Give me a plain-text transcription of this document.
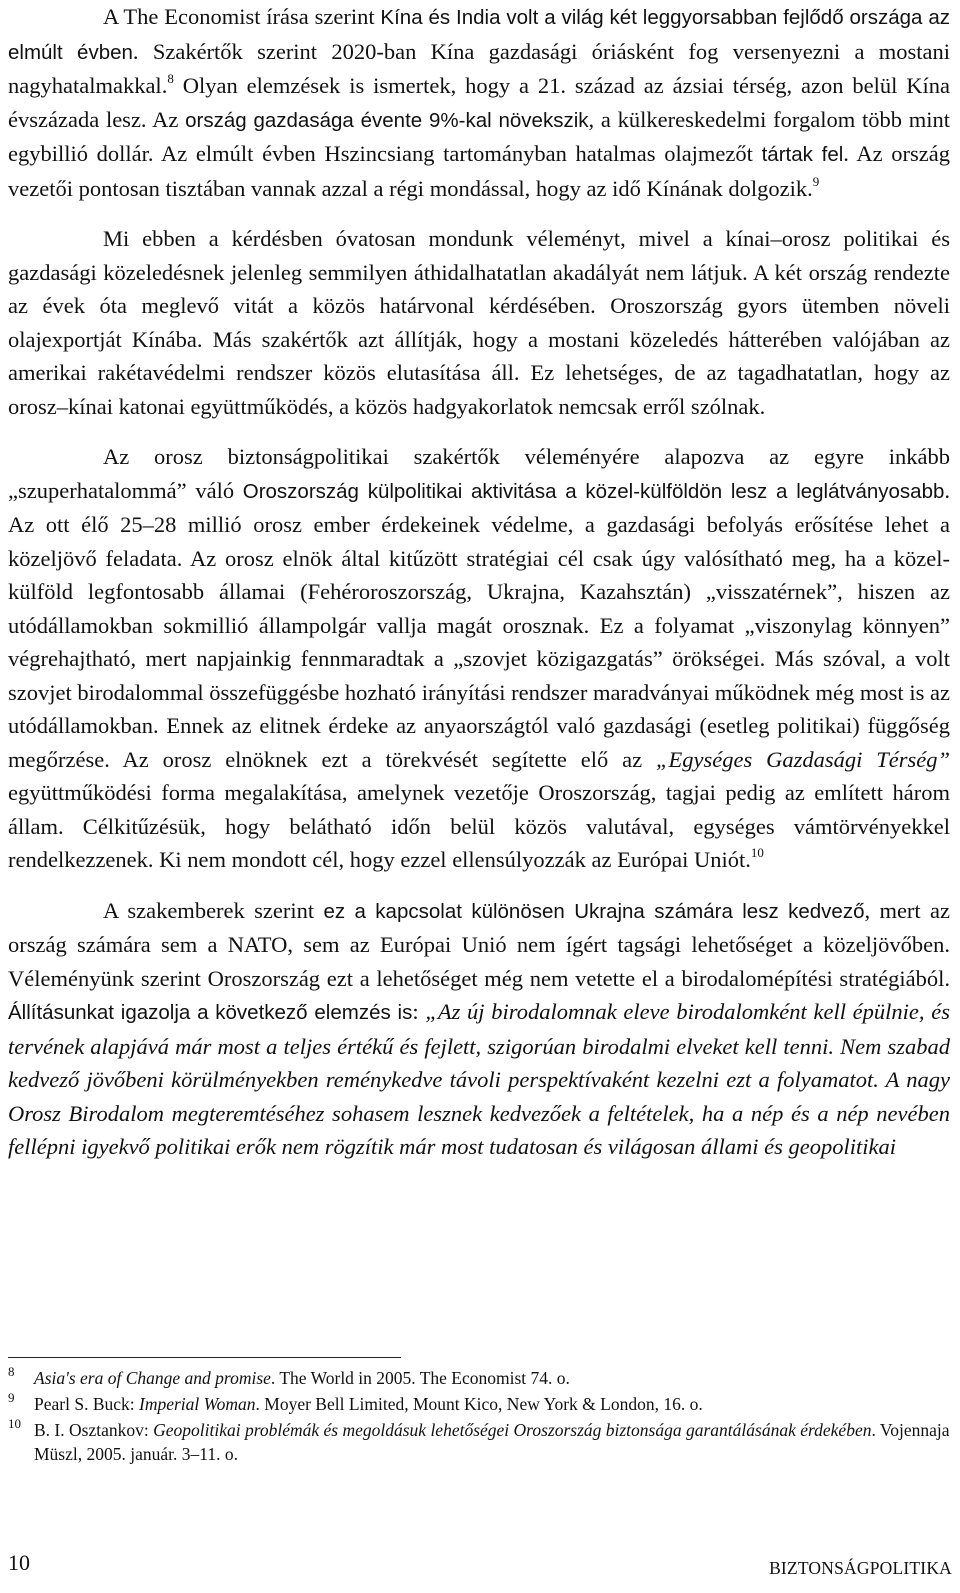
A The Economist írása szerint Kína és India volt a világ két leggyorsabban fejlődő országa az elmúlt évben. Szakértők szerint 2020-ban Kína gazdasági óriásként fog versenyezni a mostani nagyhatalmakkal.$^8$ Olyan elemzések is ismertek, hogy a 21. század az ázsiai térség, azon belül Kína évszázada lesz. Az ország gazdasága évente 9%-kal növekszik, a külkereskedelmi forgalom több mint egybillió dollár. Az elmúlt évben Hszincsiang tartományban hatalmas olajmezőt tártak fel. Az ország vezetői pontosan tisztában vannak azzal a régi mondással, hogy az idő Kínának dolgozik.$^9$

Mi ebben a kérdésben óvatosan mondunk véleményt, mivel a kínai–orosz politikai és gazdasági közeledésnek jelenleg semmilyen áthidalhatatlan akadályát nem látjuk. A két ország rendezte az évek óta meglevő vitát a közös határvonal kérdésében. Oroszország gyors ütemben növeli olajexportját Kínába. Más szakértők azt állítják, hogy a mostani közeledés hátterében valójában az amerikai rakétavédelmi rendszer közös elutasítása áll. Ez lehetséges, de az tagadhatatlan, hogy az orosz–kínai katonai együttműködés, a közös hadgyakorlatok nemcsak erről szólnak.

Az orosz biztonságpolitikai szakértők véleményére alapozva az egyre inkább „szuperhatalommá” váló Oroszország külpolitikai aktivitása a közel-külföldön lesz a leglátványosabb. Az ott élő 25–28 millió orosz ember érdekeinek védelme, a gazdasági befolyás erősítése lehet a közeljövő feladata. Az orosz elnök által kitűzött stratégiai cél csak úgy valósítható meg, ha a közel-külföld legfontosabb államai (Fehéroroszország, Ukrajna, Kazahsztán) „visszatérnek”, hiszen az utódállamokban sokmillió állampolgár vallja magát orosznak. Ez a folyamat „viszonylag könnyen” végrehajtható, mert napjainkig fennmaradtak a „szovjet közigazgatás” örökségei. Más szóval, a volt szovjet birodalommal összefüggésbe hozható irányítási rendszer maradványai működnek még most is az utódállamokban. Ennek az elitnek érdeke az anyaországtól való gazdasági (esetleg politikai) függőség megőrzése. Az orosz elnöknek ezt a törekvését segítette elő az „Egységes Gazdasági Térség” együttműködési forma megalakítása, amelynek vezetője Oroszország, tagjai pedig az említett három állam. Célkitűzésük, hogy belátható időn belül közös valutával, egységes vámtörvényekkel rendelkezzenek. Ki nem mondott cél, hogy ezzel ellensúlyozzák az Európai Uniót.$^{10}$

A szakemberek szerint ez a kapcsolat különösen Ukrajna számára lesz kedvező, mert az ország számára sem a NATO, sem az Európai Unió nem ígért tagsági lehetőséget a közeljövőben. Véleményünk szerint Oroszország ezt a lehetőséget még nem vetette el a birodalomépítési stratégiából. Állításunkat igazolja a következő elemzés is: „Az új birodalomnak eleve birodalomként kell épülnie, és tervének alapjává már most a teljes értékű és fejlett, szigorúan birodalmi elveket kell tenni. Nem szabad kedvező jövőbeni körülményekben reménykedve távoli perspektívaként kezelni ezt a folyamatot. A nagy Orosz Birodalom megteremtéséhez sohasem lesznek kedvezőek a feltételek, ha a nép és a nép nevében fellépni igyekvő politikai erők nem rögzítik már most tudatosan és világosan állami és geopolitikai

8 Asia's era of Change and promise. The World in 2005. The Economist 74. o.
9 Pearl S. Buck: Imperial Woman. Moyer Bell Limited, Mount Kico, New York & London, 16. o.
10 B. I. Osztankov: Geopolitikai problémák és megoldásuk lehetőségei Oroszország biztonsága garantálásának érdekében. Vojennaja Müszl, 2005. január. 3–11. o.
10	BIZTONSÁGPOLITIKA
